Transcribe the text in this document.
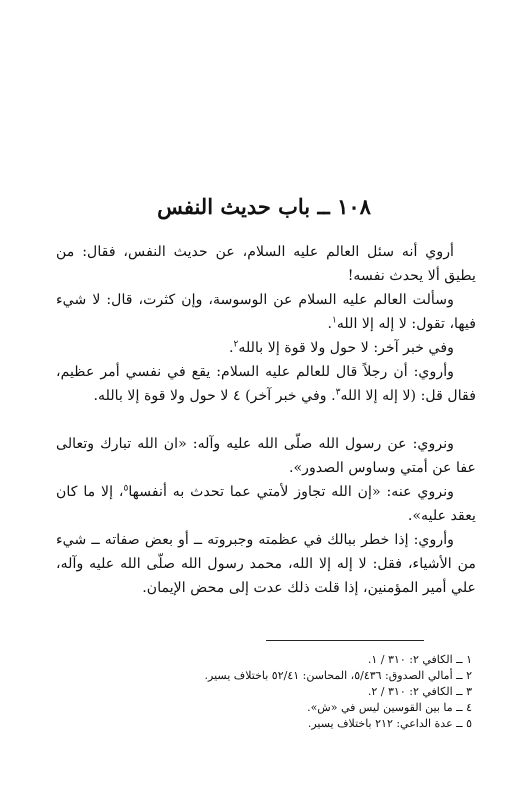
١٠٨ ــ باب حديث النفس

أروي أنه سئل العالم عليه السلام، عن حديث النفس، فقال: من يطيق ألا يحدث نفسه!

وسألت العالم عليه السلام عن الوسوسة، وإن كثرت، قال: لا شيء فيها، تقول: لا إله إلا الله$^١$.

وفي خبر آخر: لا حول ولا قوة إلا بالله$^٢$.

وأروي: أن رجلاً قال للعالم عليه السلام: يقع في نفسي أمر عظيم، فقال قل: (لا إله إلا الله$^٣$. وفي خبر آخر) ٤ لا حول ولا قوة إلا بالله.

ونروي: عن رسول الله صلّى الله عليه وآله: «ان الله تبارك وتعالى عفا عن أمتي وساوس الصدور».

ونروي عنه: «إن الله تجاوز لأمتي عما تحدث به أنفسها$^٥$، إلا ما كان يعقد عليه».

وأروي: إذا خطر ببالك في عظمته وجبروته ــ أو بعض صفاته ــ شيء من الأشياء، فقل: لا إله إلا الله، محمد رسول الله صلّى الله عليه وآله، علي أمير المؤمنين، إذا قلت ذلك عدت إلى محض الإيمان.

١ ــ الكافي ٢: ٣١٠ / ١.
٢ ــ أمالي الصدوق: ٥/٤٣٦، المحاسن: ٥٢/٤١ باختلاف يسير.
٣ ــ الكافي ٢: ٣١٠ / ٢.
٤ ــ ما بين القوسين ليس في «ش».
٥ ــ عدة الداعي: ٢١٢ باختلاف يسير.
